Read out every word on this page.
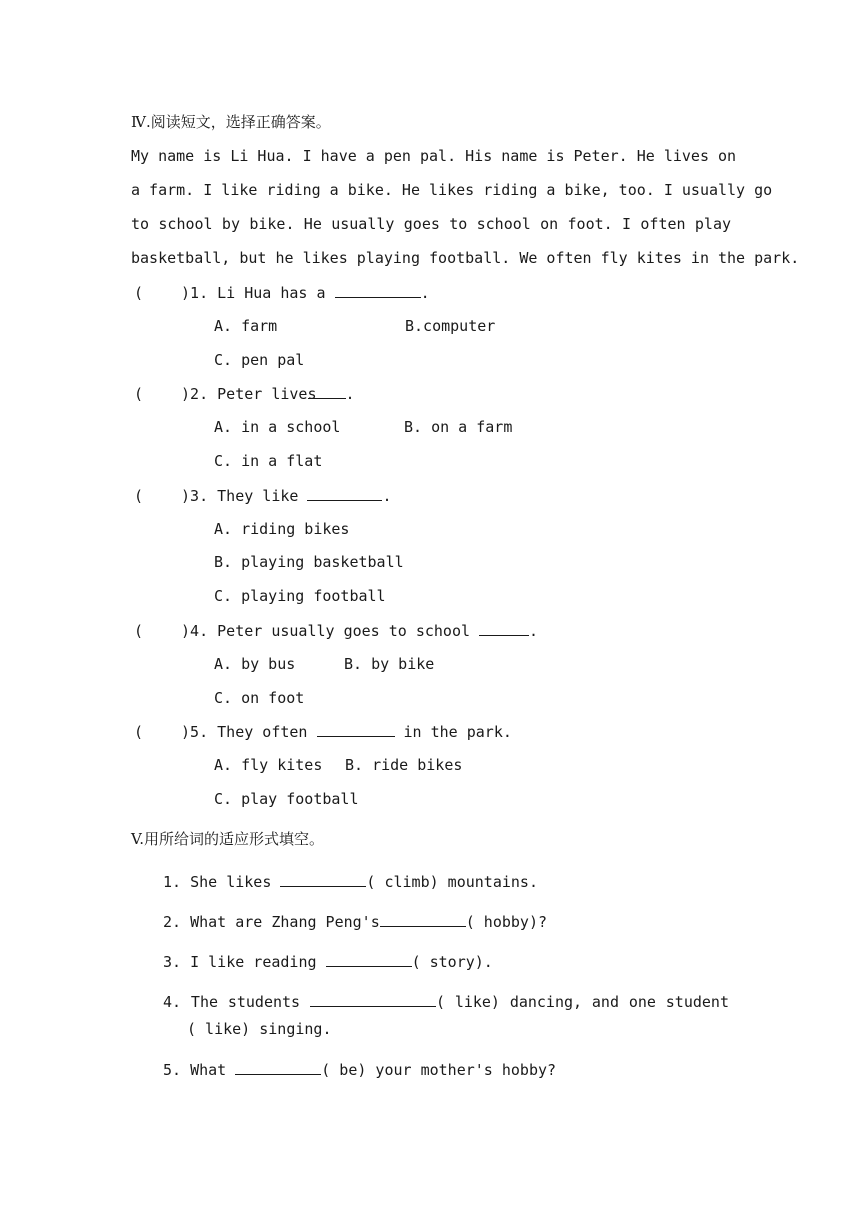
Ⅳ.阅读短文，选择正确答案。
My name is Li Hua. I have a pen pal. His name is Peter. He lives on
a farm. I like riding a bike. He likes riding a bike, too. I usually go
to school by bike. He usually goes to school on foot. I often play
basketball, but he likes playing football. We often fly kites in the park.
(	)1. Li Hua has a	.
A. farm	B.computer
C. pen pal
(	)2. Peter lives .
A. in a school	B. on a farm
C. in a flat
(	)3. They like	.
A. riding bikes
B. playing basketball
C. playing football
(	)4. Peter usually goes to school	.
A. by bus	B. by bike
C. on foot
(	)5. They often	in the park.
A. fly kites B. ride bikes
C. play football
V.用所给词的适应形式填空。
1. She likes	( climb) mountains.
2. What are Zhang Peng's	( hobby)?
3. I like reading	( story).
4. The students	( like) dancing, and one student
( like) singing.
5. What	( be) your mother's hobby?
